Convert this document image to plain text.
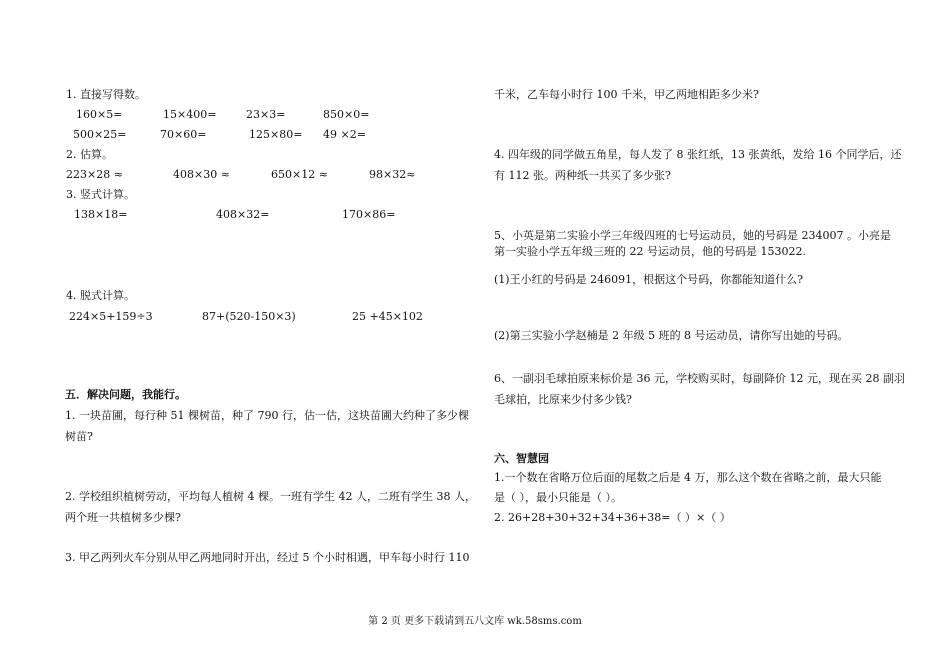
1. 直接写得数。
160×5=	15×400=	23×3=	850×0=
500×25=	70×60=	125×80= 49 ×2=
2. 估算。
223×28 ≈	408×30 ≈	650×12 ≈	98×32≈
3. 竖式计算。
138×18=	408×32=	170×86=
4. 脱式计算。
224×5+159÷3	87+(520-150×3)	25 +45×102
五．解决问题，我能行。
1. 一块苗圃，每行种 51 棵树苗，种了 790 行，估一估，这块苗圃大约种了多少棵
树苗?
2. 学校组织植树劳动，平均每人植树 4 棵。一班有学生 42 人，二班有学生 38 人，
两个班一共植树多少棵?
3. 甲乙两列火车分别从甲乙两地同时开出，经过 5 个小时相遇，甲车每小时行 110
千米，乙车每小时行 100 千米，甲乙两地相距多少米?
4. 四年级的同学做五角星，每人发了 8 张红纸，13 张黄纸，发给 16 个同学后，还
有 112 张。两种纸一共买了多少张?
5、小英是第二实验小学三年级四班的七号运动员，她的号码是 234007 。小亮是
第一实验小学五年级三班的 22 号运动员，他的号码是 153022.
(1)王小红的号码是 246091，根据这个号码，你都能知道什么?
(2)第三实验小学赵楠是 2 年级 5 班的 8 号运动员，请你写出她的号码。
6、一副羽毛球拍原来标价是 36 元，学校购买时，每副降价 12 元，现在买 28 副羽
毛球拍，比原来少付多少钱?
六、智慧园
1.一个数在省略万位后面的尾数之后是 4 万，那么这个数在省略之前，最大只能
是（ ），最小只能是（ ）。
2. 26+28+30+32+34+36+38=（ ）×（ ）
第 2 页 更多下载请到五八文库 wk.58sms.com
